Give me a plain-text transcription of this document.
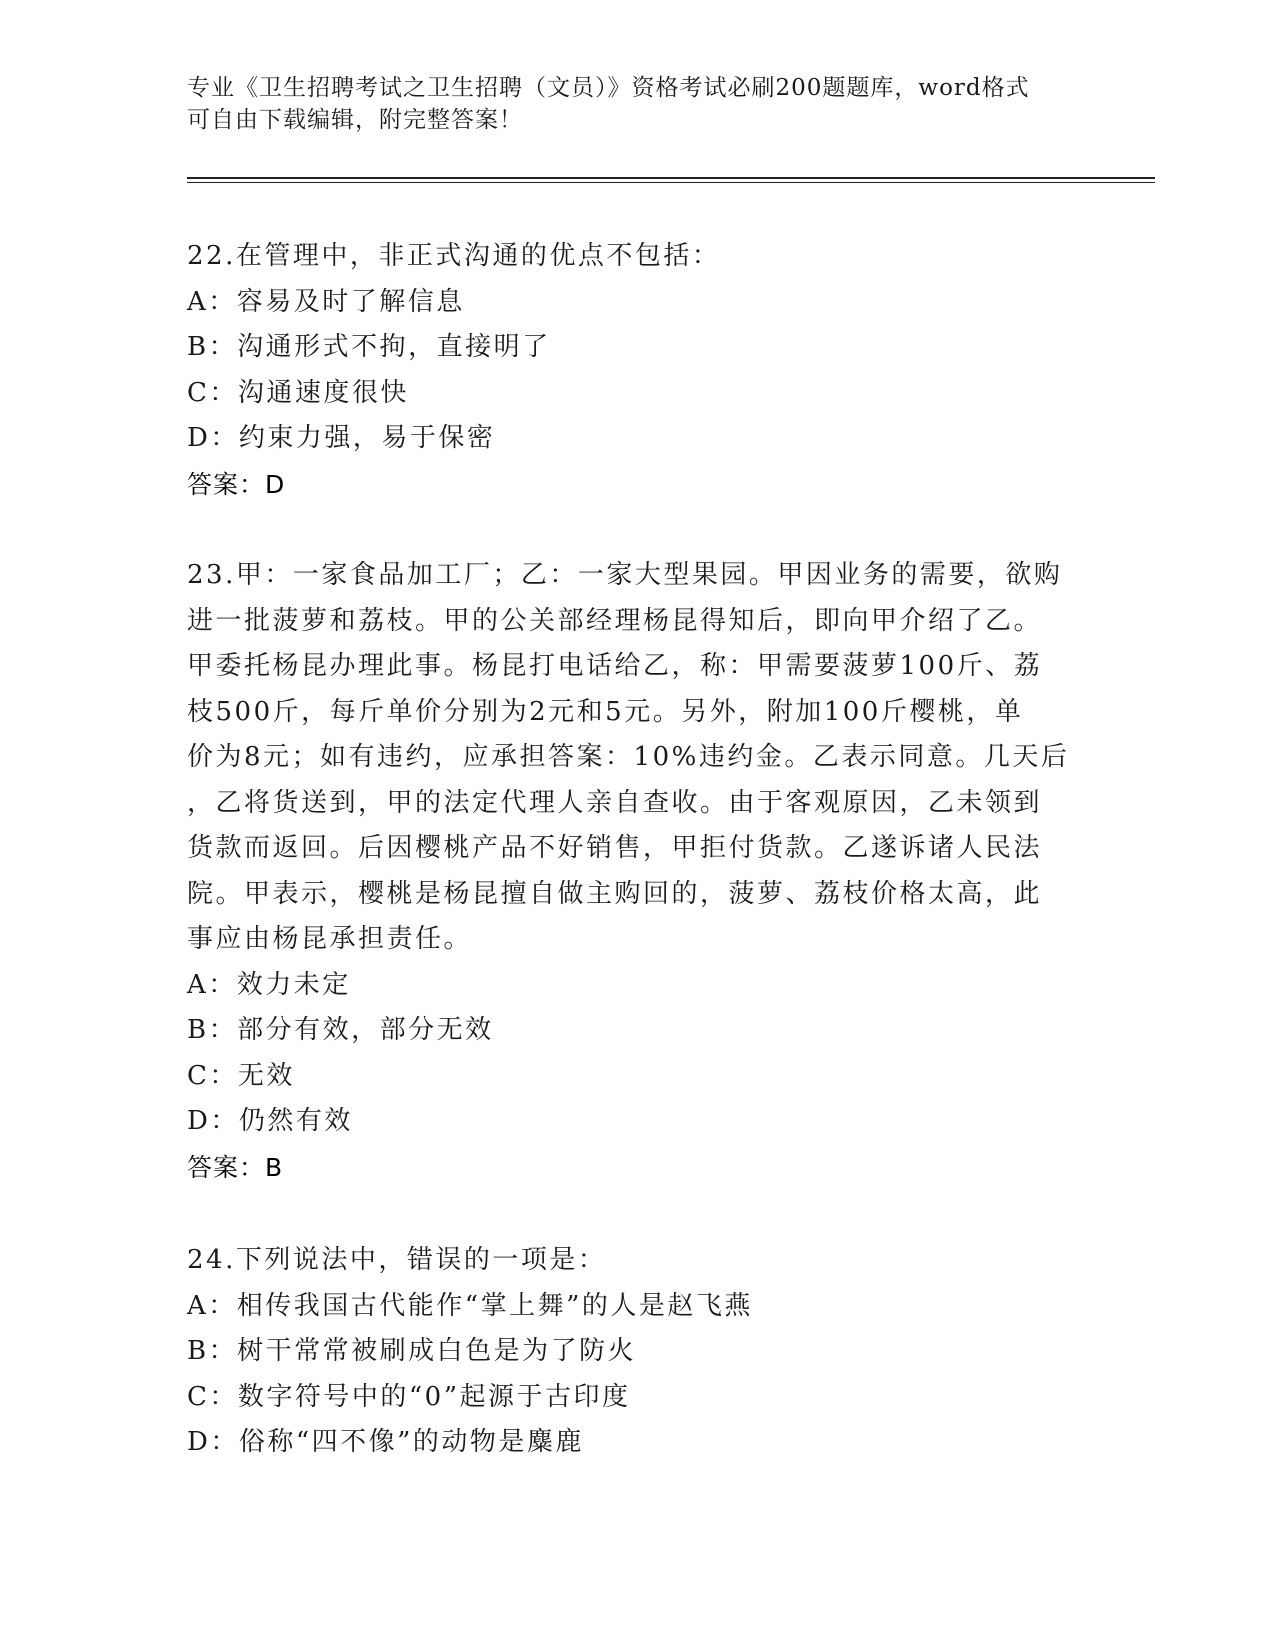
专业《卫生招聘考试之卫生招聘（文员）》资格考试必刷200题题库，word格式
可自由下载编辑，附完整答案！
22.在管理中，非正式沟通的优点不包括：
A：容易及时了解信息
B：沟通形式不拘，直接明了
C：沟通速度很快
D：约束力强，易于保密
答案：D
23.甲：一家食品加工厂；乙：一家大型果园。甲因业务的需要，欲购
进一批菠萝和荔枝。甲的公关部经理杨昆得知后，即向甲介绍了乙。
甲委托杨昆办理此事。杨昆打电话给乙，称：甲需要菠萝100斤、荔
枝500斤，每斤单价分别为2元和5元。另外，附加100斤樱桃，单
价为8元；如有违约，应承担答案：10%违约金。乙表示同意。几天后
，乙将货送到，甲的法定代理人亲自查收。由于客观原因，乙未领到
货款而返回。后因樱桃产品不好销售，甲拒付货款。乙遂诉诸人民法
院。甲表示，樱桃是杨昆擅自做主购回的，菠萝、荔枝价格太高，此
事应由杨昆承担责任。
A：效力未定
B：部分有效，部分无效
C：无效
D：仍然有效
答案：B
24.下列说法中，错误的一项是：
A：相传我国古代能作“掌上舞”的人是赵飞燕
B：树干常常被刷成白色是为了防火
C：数字符号中的“0”起源于古印度
D：俗称“四不像”的动物是麋鹿
